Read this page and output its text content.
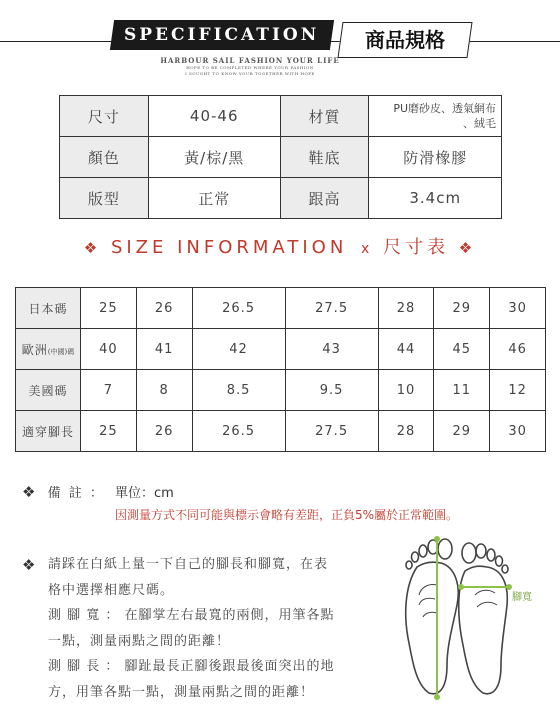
SPECIFICATION	商品規格
HARBOUR SAIL FASHION YOUR LIFE
HOPE TO BE COMPLETED WHERE YOUR FASHION
I SOUGHT TO KNOW YOUR TOGETHER WITH HOPE
尺寸	40-46	材質	PU磨砂皮、透氣網布
、絨毛

顏色	黃/棕/黑	鞋底	防滑橡膠
版型	正常	跟高	3.4cm
❖ SIZE INFORMATION x 尺寸表 ❖
日本碼	25	26	26.5	27.5	28	29	30
歐洲(中國)碼	40	41	42	43	44	45	46
美國碼	7	8	8.5	9.5	10	11	12
適穿腳長	25	26	26.5	27.5	28	29	30
❖ 備 註 ： 單位：cm
因測量方式不同可能與標示會略有差距，正負5%屬於正常範圍。
❖ 請踩在白紙上量一下自己的腳長和腳寬，在表

格中選擇相應尺碼。

測 腳 寬 ： 在腳掌左右最寬的兩側，用筆各點

一點，測量兩點之間的距離！

測 腳 長 ： 腳趾最長正腳後跟最後面突出的地

方，用筆各點一點，測量兩點之間的距離！

腳寬
